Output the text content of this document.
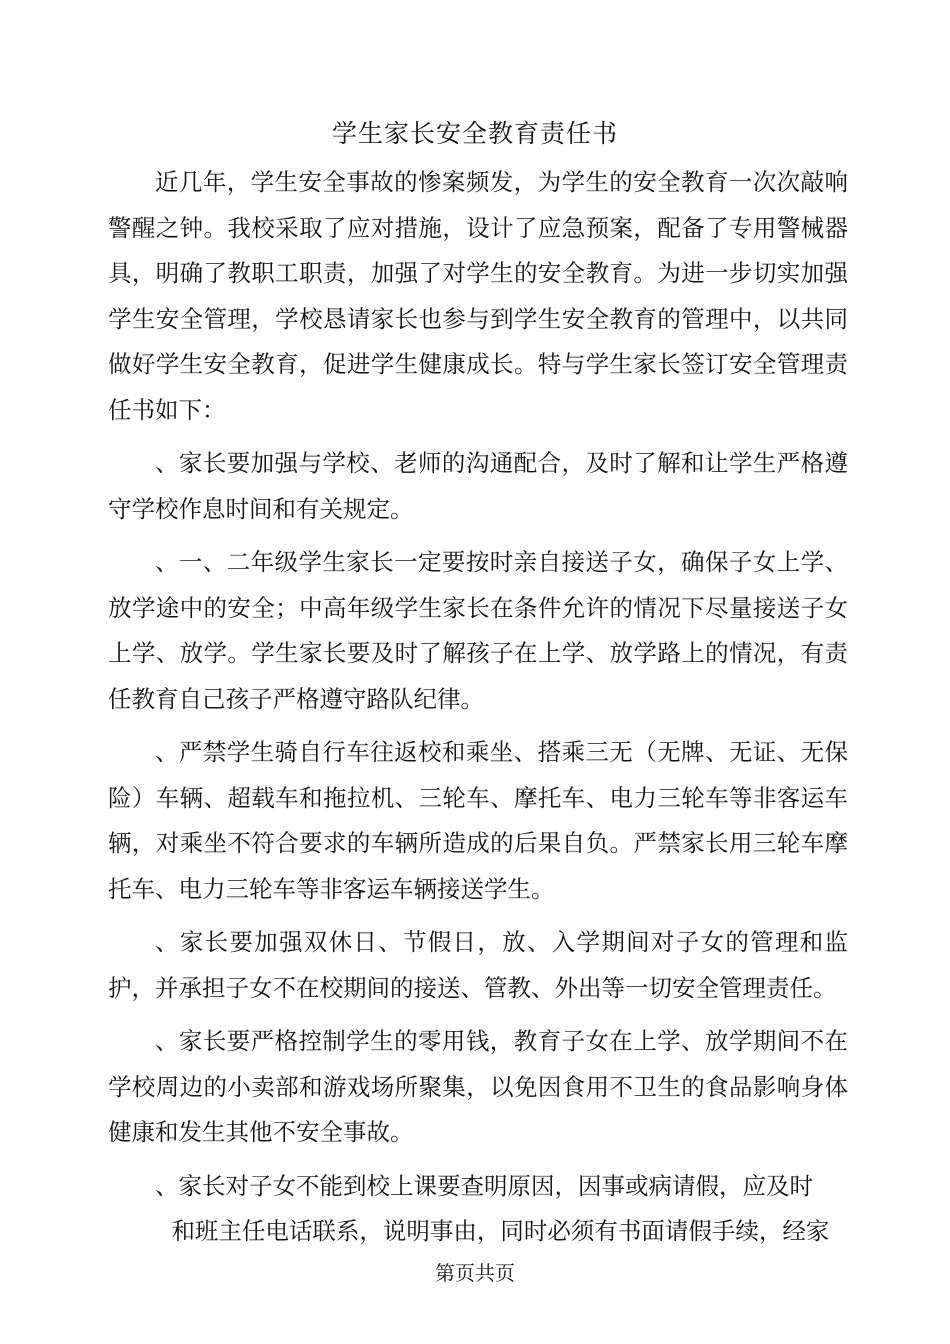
学生家长安全教育责任书

近几年，学生安全事故的惨案频发，为学生的安全教育一次次敲响警醒之钟。我校采取了应对措施，设计了应急预案，配备了专用警械器具，明确了教职工职责，加强了对学生的安全教育。为进一步切实加强学生安全管理，学校恳请家长也参与到学生安全教育的管理中，以共同做好学生安全教育，促进学生健康成长。特与学生家长签订安全管理责任书如下：

、家长要加强与学校、老师的沟通配合，及时了解和让学生严格遵守学校作息时间和有关规定。

、一、二年级学生家长一定要按时亲自接送子女，确保子女上学、放学途中的安全；中高年级学生家长在条件允许的情况下尽量接送子女上学、放学。学生家长要及时了解孩子在上学、放学路上的情况，有责任教育自己孩子严格遵守路队纪律。

、严禁学生骑自行车往返校和乘坐、搭乘三无（无牌、无证、无保险）车辆、超载车和拖拉机、三轮车、摩托车、电力三轮车等非客运车辆，对乘坐不符合要求的车辆所造成的后果自负。严禁家长用三轮车摩托车、电力三轮车等非客运车辆接送学生。

、家长要加强双休日、节假日，放、入学期间对子女的管理和监护，并承担子女不在校期间的接送、管教、外出等一切安全管理责任。

、家长要严格控制学生的零用钱，教育子女在上学、放学期间不在学校周边的小卖部和游戏场所聚集，以免因食用不卫生的食品影响身体健康和发生其他不安全事故。

、家长对子女不能到校上课要查明原因，因事或病请假，应及时
和班主任电话联系，说明事由，同时必须有书面请假手续，经家

第页共页
